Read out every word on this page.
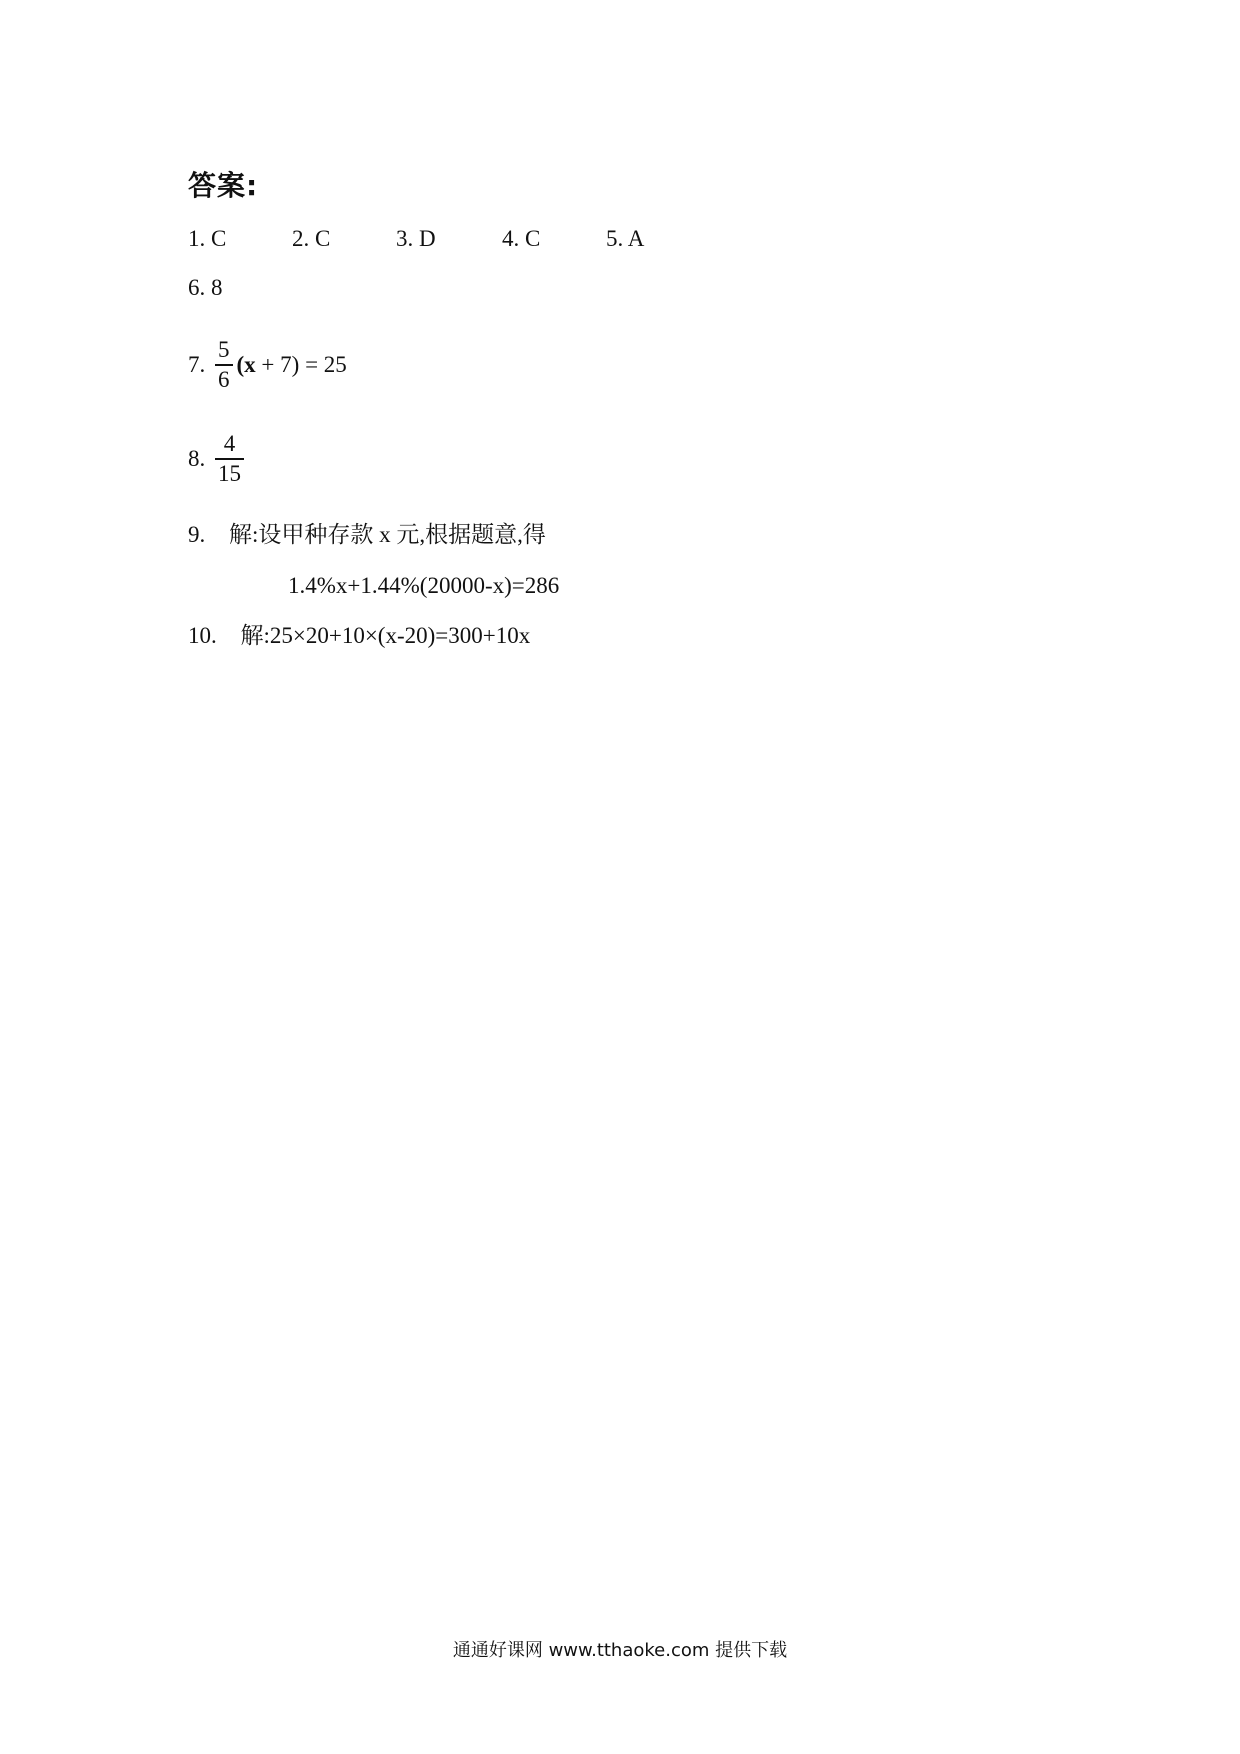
答案:
1. C	2. C	3. D	4. C	5. A
6. 8
7. $\frac{5}{6} (x + 7) = 25$
8. $\frac{4}{15}$
9. 解:设甲种存款 x 元,根据题意,得
1.4%x+1.44%(20000-x)=286
10. 解:25×20+10×(x-20)=300+10x
通通好课网 www.tthaoke.com 提供下载
